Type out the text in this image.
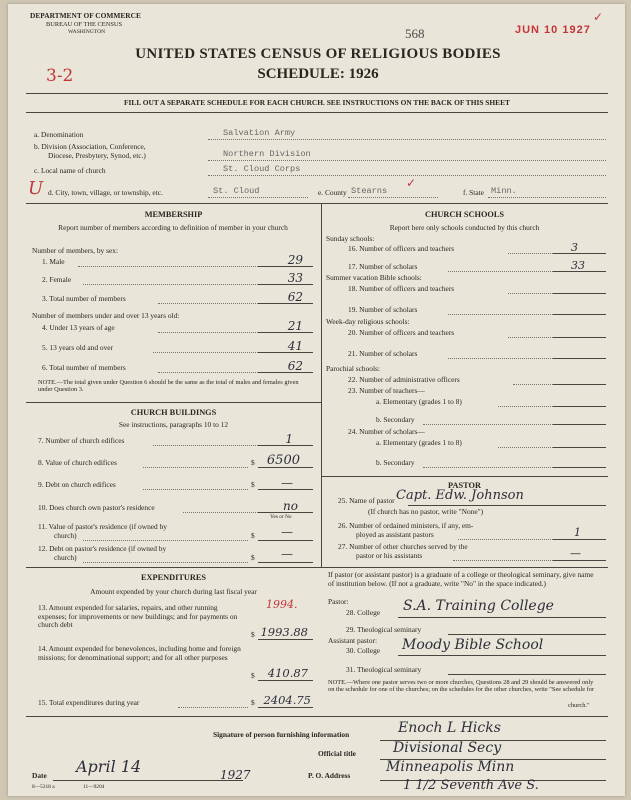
DEPARTMENT OF COMMERCE
BUREAU OF THE CENSUS
WASHINGTON	568	JUN 10 1927
✓
UNITED STATES CENSUS OF RELIGIOUS BODIES
SCHEDULE: 1926
3-2
FILL OUT A SEPARATE SCHEDULE FOR EACH CHURCH. SEE INSTRUCTIONS ON THE BACK OF THIS SHEET
a. Denomination	Salvation Army
b. Division (Association, Conference,
Diocese, Presbytery, Synod, etc.)	Northern Division
c. Local name of church	St. Cloud Corps
U d. City, town, village, or township, etc.	St. Cloud	e. County Stearns
✓
f. State Minn.
MEMBERSHIP
Report number of members according to definition of member in your church
Number of members, by sex:
1. Male	29
2. Female	33
3. Total number of members	62
Number of members under and over 13 years old:
4. Under 13 years of age	21
5. 13 years old and over	41
6. Total number of members	62
NOTE.—The total given under Question 6 should be the same as the total of males and females given under Question 3.
CHURCH BUILDINGS
See instructions, paragraphs 10 to 12
7. Number of church edifices	1
8. Value of church edifices	$ 6500
9. Debt on church edifices	$	—
10. Does church own pastor's residence	no
Yes or No
11. Value of pastor's residence (if owned by
church)	$	—
12. Debt on pastor's residence (if owned by
church)	$	—
EXPENDITURES
Amount expended by your church during last fiscal year
13. Amount expended for salaries, repairs, and other running expenses; for improvements or new buildings; and for payments on church debt
1994.
$ 1993.88
14. Amount expended for benevolences, including home and foreign missions; for denominational support; and for all other purposes
$	410.87
15. Total expenditures during year	$ 2404.75
CHURCH SCHOOLS
Report here only schools conducted by this church
Sunday schools:
16. Number of officers and teachers	3
17. Number of scholars	33
Summer vacation Bible schools:
18. Number of officers and teachers
19. Number of scholars
Week-day religious schools:
20. Number of officers and teachers
21. Number of scholars
Parochial schools:
22. Number of administrative officers
23. Number of teachers—
a. Elementary (grades 1 to 8)
b. Secondary
24. Number of scholars—
a. Elementary (grades 1 to 8)
b. Secondary
PASTOR
25. Name of pastor Capt. Edw. Johnson
(If church has no pastor, write "None")
26. Number of ordained ministers, if any, em-
ployed as assistant pastors	1
27. Number of other churches served by the
pastor or his assistants	—
If pastor (or assistant pastor) is a graduate of a college or theological seminary, give name of institution below. (If not a graduate, write "No" in the space indicated.)
Pastor:
28. College S.A. Training College
29. Theological seminary
Assistant pastor:
30. College Moody Bible School
31. Theological seminary
NOTE.—Where one pastor serves two or more churches, Questions 28 and 29 should be answered only on the schedule for one of the churches; on the schedules for the other churches, write "See schedule for
church."
Signature of person furnishing information	Enoch L Hicks
Official title	Divisional Secy
Date April 14	1927
8—5318 a	11—9204
P. O. Address
Minneapolis Minn
1 1/2 Seventh Ave S.
